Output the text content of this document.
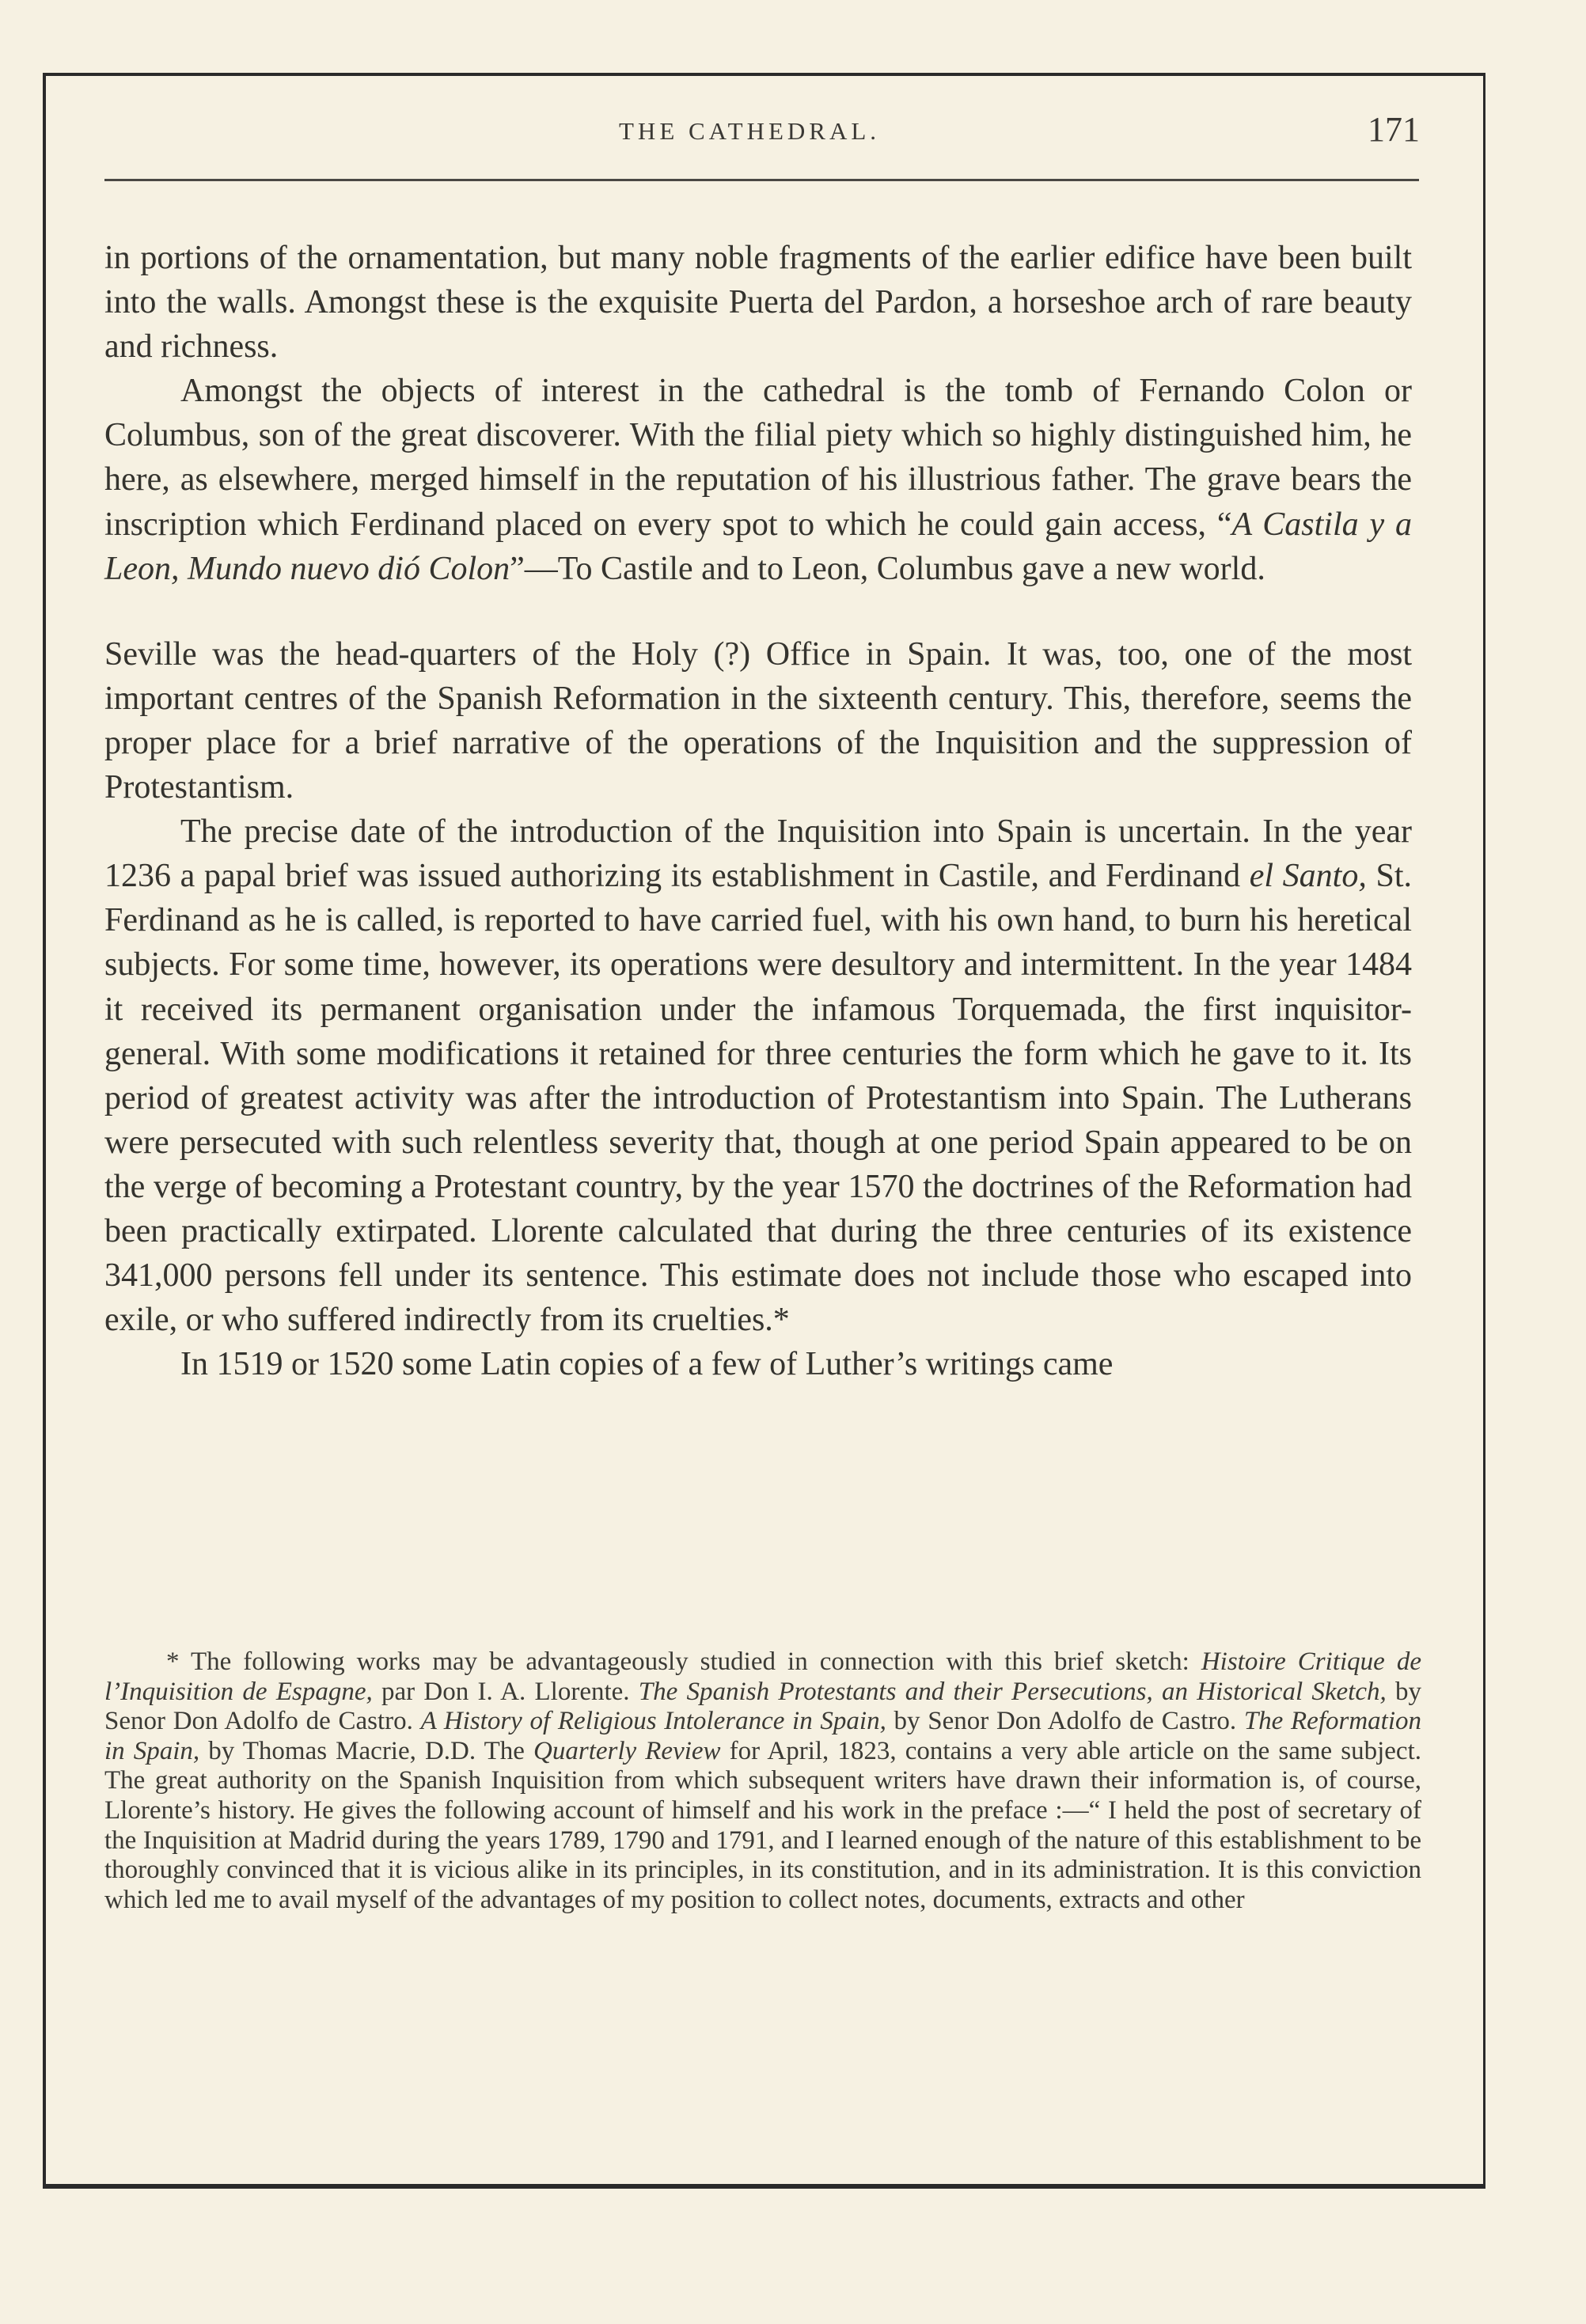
THE CATHEDRAL.	171

in portions of the ornamentation, but many noble fragments of the earlier edifice have been built into the walls. Amongst these is the exquisite Puerta del Pardon, a horseshoe arch of rare beauty and richness.

Amongst the objects of interest in the cathedral is the tomb of Fernando Colon or Columbus, son of the great discoverer. With the filial piety which so highly distinguished him, he here, as elsewhere, merged himself in the reputation of his illustrious father. The grave bears the inscription which Ferdinand placed on every spot to which he could gain access, “A Castila y a Leon, Mundo nuevo dió Colon”—To Castile and to Leon, Columbus gave a new world.

Seville was the head-quarters of the Holy (?) Office in Spain. It was, too, one of the most important centres of the Spanish Reformation in the sixteenth century. This, therefore, seems the proper place for a brief narrative of the operations of the Inquisition and the suppression of Protestantism.

The precise date of the introduction of the Inquisition into Spain is uncertain. In the year 1236 a papal brief was issued authorizing its establishment in Castile, and Ferdinand el Santo, St. Ferdinand as he is called, is reported to have carried fuel, with his own hand, to burn his heretical subjects. For some time, however, its operations were desultory and intermittent. In the year 1484 it received its permanent organisation under the infamous Torquemada, the first inquisitor-general. With some modifications it retained for three centuries the form which he gave to it. Its period of greatest activity was after the introduction of Protestantism into Spain. The Lutherans were persecuted with such relentless severity that, though at one period Spain appeared to be on the verge of becoming a Protestant country, by the year 1570 the doctrines of the Reformation had been practically extirpated. Llorente calculated that during the three centuries of its existence 341,000 persons fell under its sentence. This estimate does not include those who escaped into exile, or who suffered indirectly from its cruelties.*

In 1519 or 1520 some Latin copies of a few of Luther’s writings came

* The following works may be advantageously studied in connection with this brief sketch: Histoire Critique de l’Inquisition de Espagne, par Don I. A. Llorente. The Spanish Protestants and their Persecutions, an Historical Sketch, by Senor Don Adolfo de Castro. A History of Religious Intolerance in Spain, by Senor Don Adolfo de Castro. The Reformation in Spain, by Thomas Macrie, D.D. The Quarterly Review for April, 1823, contains a very able article on the same subject. The great authority on the Spanish Inquisition from which subsequent writers have drawn their information is, of course, Llorente’s history. He gives the following account of himself and his work in the preface :—“ I held the post of secretary of the Inquisition at Madrid during the years 1789, 1790 and 1791, and I learned enough of the nature of this establishment to be thoroughly convinced that it is vicious alike in its principles, in its constitution, and in its administration. It is this conviction which led me to avail myself of the advantages of my position to collect notes, documents, extracts and other
